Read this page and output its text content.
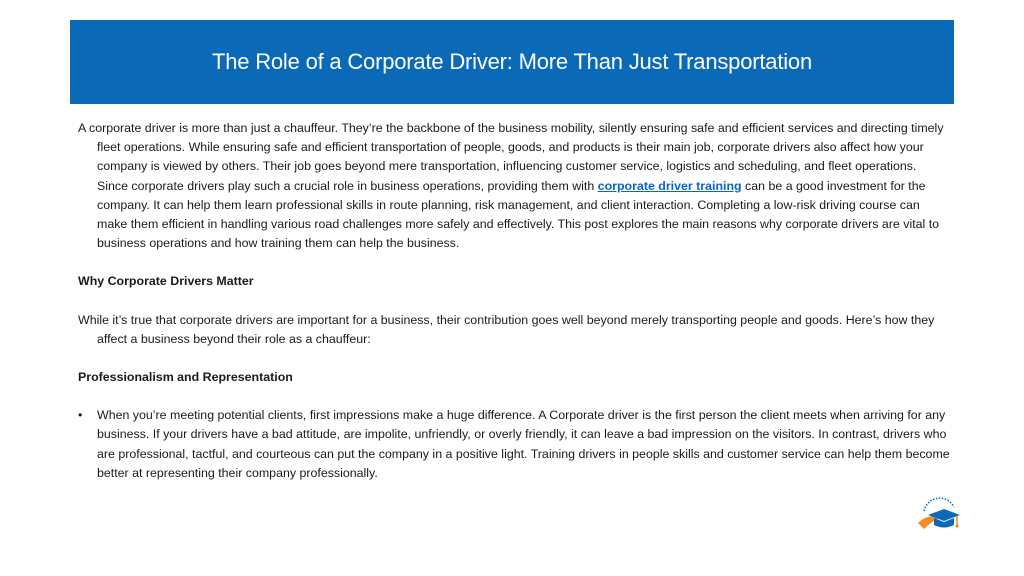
The Role of a Corporate Driver: More Than Just Transportation

A corporate driver is more than just a chauffeur. They’re the backbone of the business mobility, silently ensuring safe and efficient services and directing timely fleet operations. While ensuring safe and efficient transportation of people, goods, and products is their main job, corporate drivers also affect how your company is viewed by others. Their job goes beyond mere transportation, influencing customer service, logistics and scheduling, and fleet operations. Since corporate drivers play such a crucial role in business operations, providing them with corporate driver training can be a good investment for the company. It can help them learn professional skills in route planning, risk management, and client interaction. Completing a low-risk driving course can make them efficient in handling various road challenges more safely and effectively. This post explores the main reasons why corporate drivers are vital to business operations and how training them can help the business.

Why Corporate Drivers Matter

While it’s true that corporate drivers are important for a business, their contribution goes well beyond merely transporting people and goods. Here’s how they affect a business beyond their role as a chauffeur:

Professionalism and Representation
•	When you’re meeting potential clients, first impressions make a huge difference. A Corporate driver is the first person the client meets when arriving for any business. If your drivers have a bad attitude, are impolite, unfriendly, or overly friendly, it can leave a bad impression on the visitors. In contrast, drivers who are professional, tactful, and courteous can put the company in a positive light. Training drivers in people skills and customer service can help them become better at representing their company professionally.
